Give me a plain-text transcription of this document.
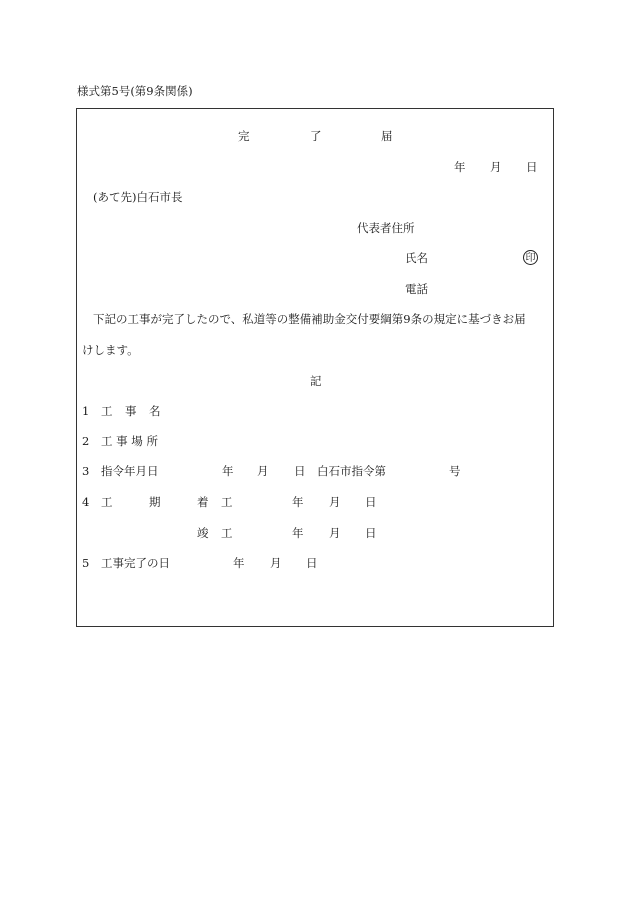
様式第5号(第9条関係)
完	了	届
年 月 日
(あて先)白石市長
代表者住所
氏名	印
電話
下記の工事が完了したので、私道等の整備補助金交付要綱第9条の規定に基づきお届
けします。
記
1 工 事 名
2 工 事 場 所
3 指令年月日	年 月 日 白石市指令第	号
4 工	期	着 工	年 月 日
竣 工	年 月 日
5 工事完了の日	年 月 日
